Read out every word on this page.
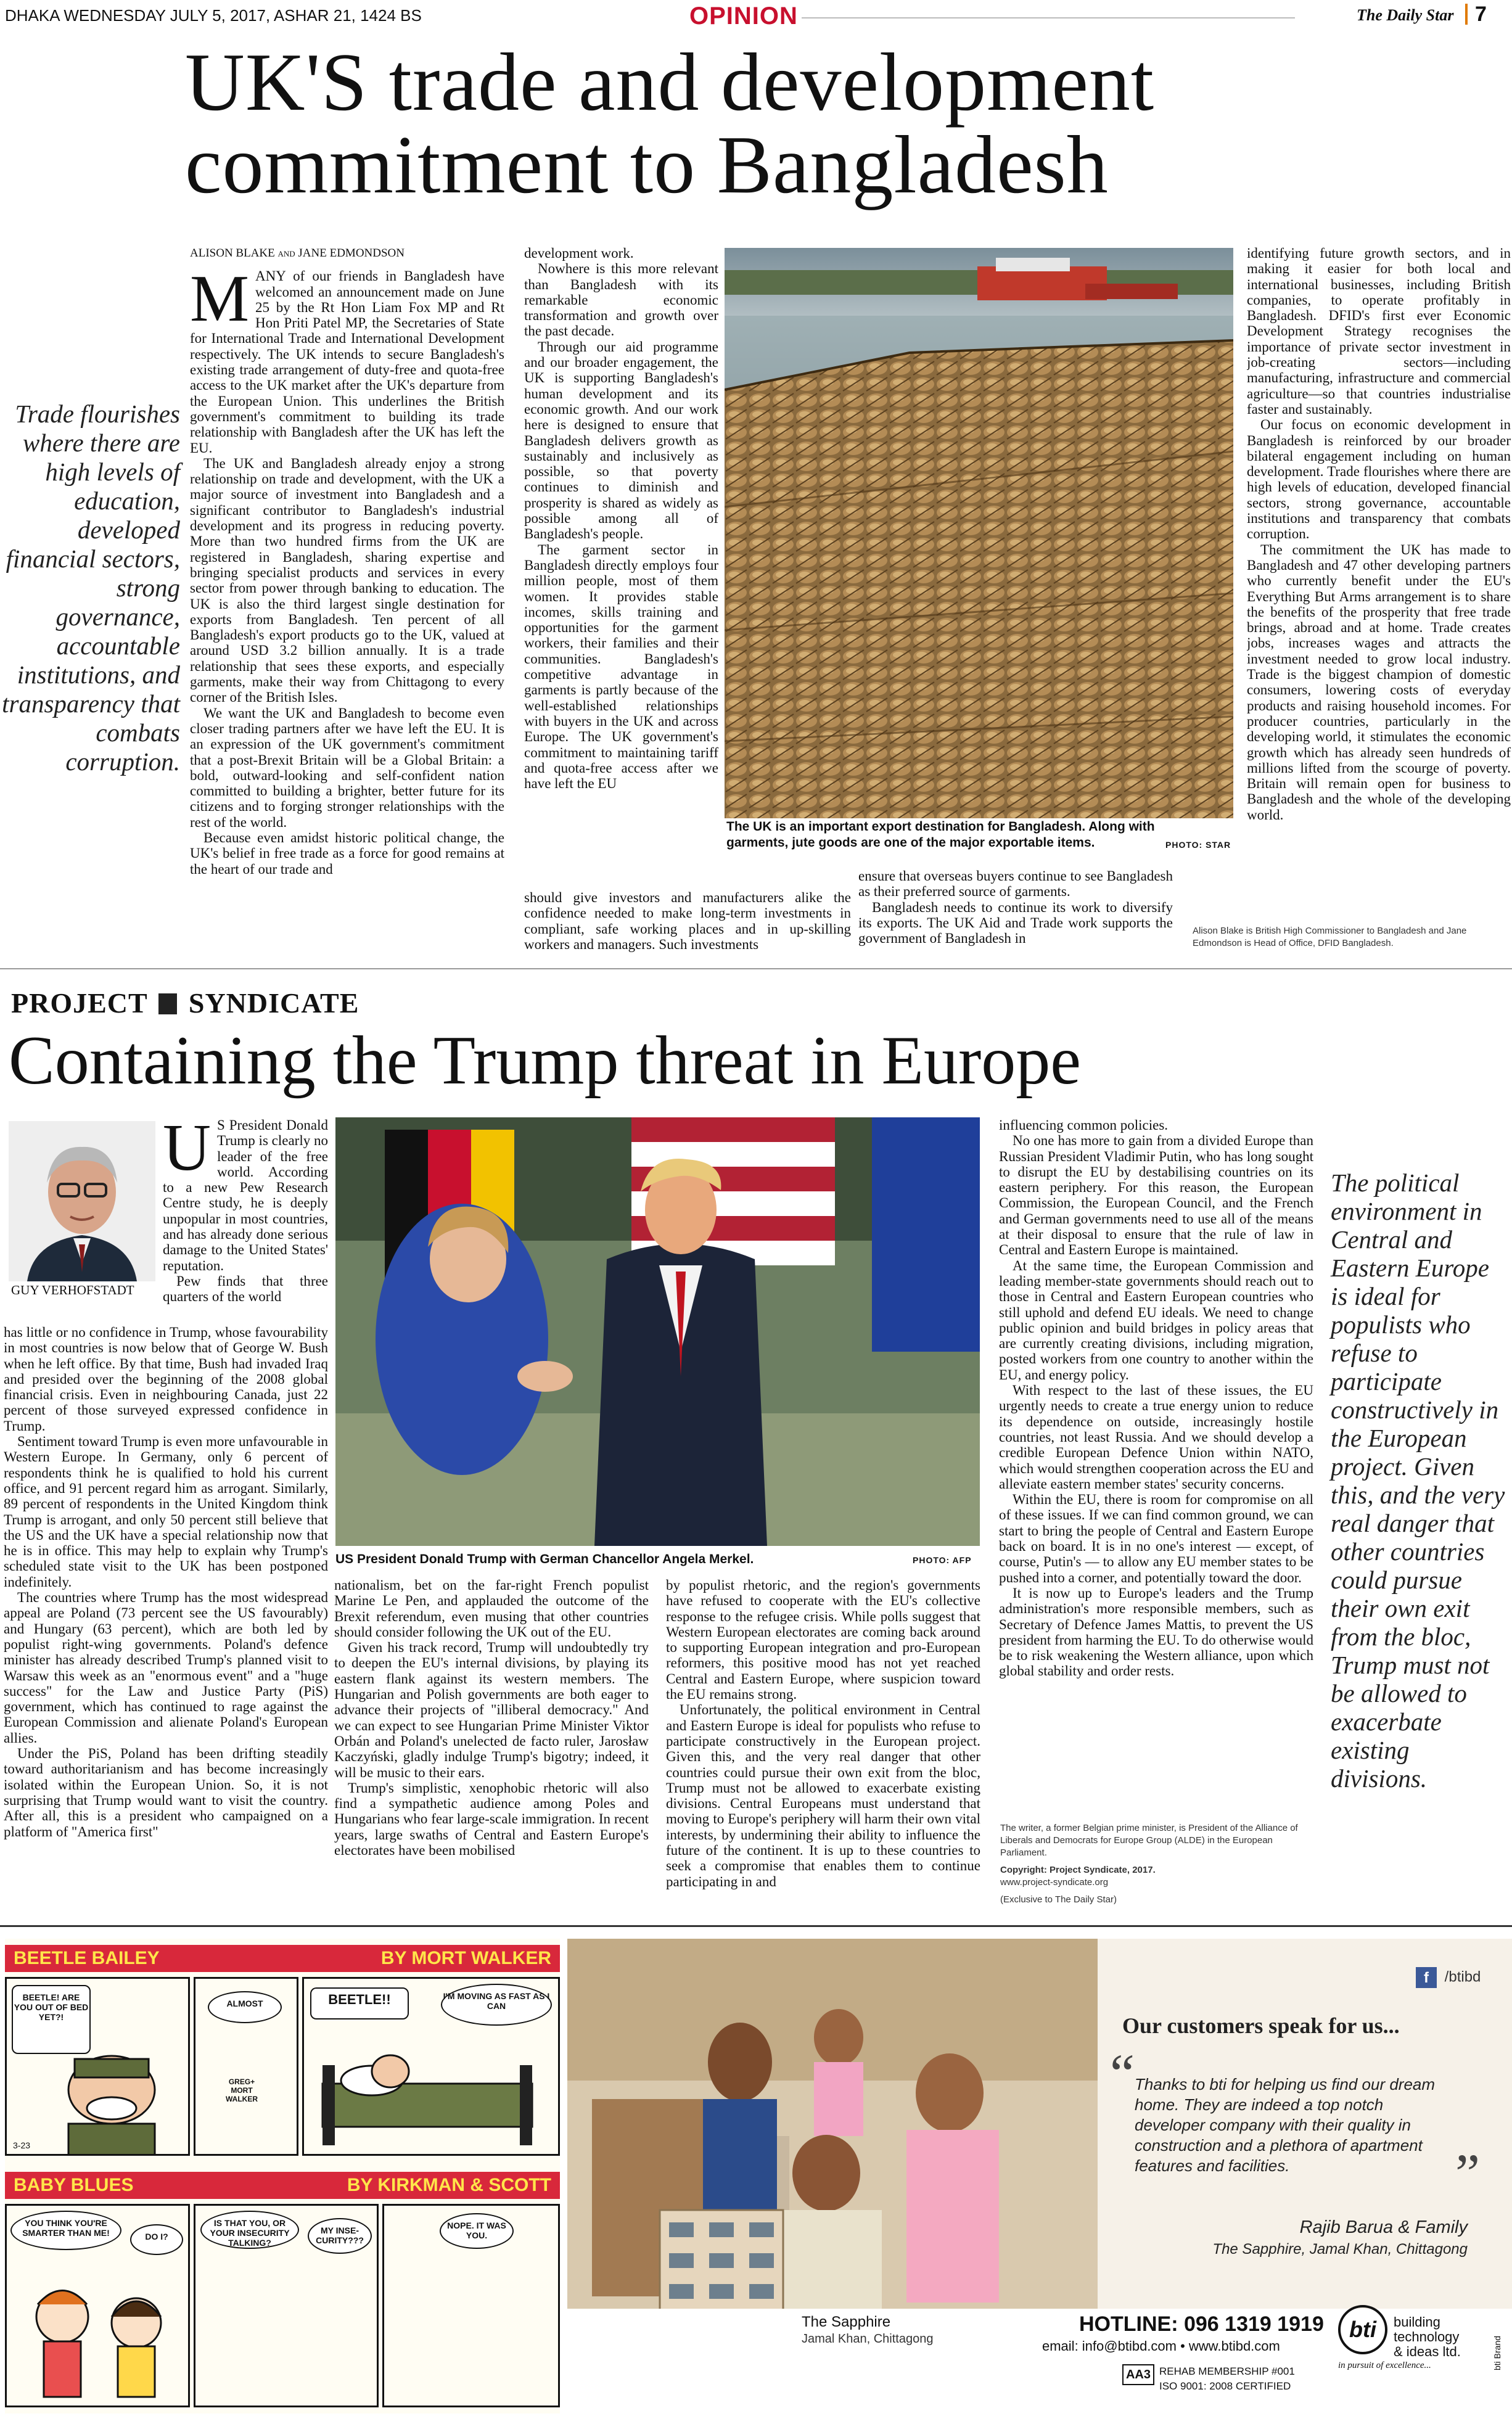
DHAKA WEDNESDAY JULY 5, 2017, ASHAR 21, 1424 BS	OPINION	The Daily Star 7
UK'S trade and development
commitment to Bangladesh
Trade flourishes where there are high levels of education, developed financial sectors, strong governance, accountable institutions, and transparency that combats corruption.
ALISON BLAKE and JANE EDMONDSON
M ANY of our friends in Bangladesh have welcomed an announcement made on June 25 by the Rt Hon Liam Fox MP and Rt Hon Priti Patel MP, the Secretaries of State for International Trade and International Development respectively. The UK intends to secure Bangladesh's existing trade arrangement of duty-free and quota-free access to the UK market after the UK's departure from the European Union. This underlines the British government's commitment to building its trade relationship with Bangladesh after the UK has left the EU.

The UK and Bangladesh already enjoy a strong relationship on trade and development, with the UK a major source of investment into Bangladesh and a significant contributor to Bangladesh's industrial development and its progress in reducing poverty. More than two hundred firms from the UK are registered in Bangladesh, sharing expertise and bringing specialist products and services in every sector from power through banking to education. The UK is also the third largest single destination for exports from Bangladesh. Ten percent of all Bangladesh's export products go to the UK, valued at around USD 3.2 billion annually. It is a trade relationship that sees these exports, and especially garments, make their way from Chittagong to every corner of the British Isles.

We want the UK and Bangladesh to become even closer trading partners after we have left the EU. It is an expression of the UK government's commitment that a post-Brexit Britain will be a Global Britain: a bold, outward-looking and self-confident nation committed to building a brighter, better future for its citizens and to forging stronger relationships with the rest of the world.

Because even amidst historic political change, the UK's belief in free trade as a force for good remains at the heart of our trade and

development work.

Nowhere is this more relevant than Bangladesh with its remarkable economic transformation and growth over the past decade.

Through our aid programme and our broader engagement, the UK is supporting Bangladesh's human development and its economic growth. And our work here is designed to ensure that Bangladesh delivers growth as sustainably and inclusively as possible, so that poverty continues to diminish and prosperity is shared as widely as possible among all of Bangladesh's people.

The garment sector in Bangladesh directly employs four million people, most of them women. It provides stable incomes, skills training and opportunities for the garment workers, their families and their communities. Bangladesh's competitive advantage in garments is partly because of the well-established relationships with buyers in the UK and across Europe. The UK government's commitment to maintaining tariff and quota-free access after we have left the EU

should give investors and manufacturers alike the confidence needed to make long-term investments in compliant, safe working places and in up-skilling workers and managers. Such investments

The UK is an important export destination for Bangladesh. Along with garments, jute goods are one of the major exportable items.	PHOTO: STAR

ensure that overseas buyers continue to see Bangladesh as their preferred source of garments.

Bangladesh needs to continue its work to diversify its exports. The UK Aid and Trade work supports the government of Bangladesh in

identifying future growth sectors, and in making it easier for both local and international businesses, including British companies, to operate profitably in Bangladesh. DFID's first ever Economic Development Strategy recognises the importance of private sector investment in job-creating sectors—including manufacturing, infrastructure and commercial agriculture—so that countries industrialise faster and sustainably.

Our focus on economic development in Bangladesh is reinforced by our broader bilateral engagement including on human development. Trade flourishes where there are high levels of education, developed financial sectors, strong governance, accountable institutions and transparency that combats corruption.

The commitment the UK has made to Bangladesh and 47 other developing partners who currently benefit under the EU's Everything But Arms arrangement is to share the benefits of the prosperity that free trade brings, abroad and at home. Trade creates jobs, increases wages and attracts the investment needed to grow local industry. Trade is the biggest champion of domestic consumers, lowering costs of everyday products and raising household incomes. For producer countries, particularly in the developing world, it stimulates the economic growth which has already seen hundreds of millions lifted from the scourge of poverty. Britain will remain open for business to Bangladesh and the whole of the developing world.

Alison Blake is British High Commissioner to Bangladesh and Jane Edmondson is Head of Office, DFID Bangladesh.
PROJECT SYNDICATE
Containing the Trump threat in Europe
GUY VERHOFSTADT
U S President Donald Trump is clearly no leader of the free world. According to a new Pew Research Centre study, he is deeply unpopular in most countries, and has already done serious damage to the United States' reputation.

Pew finds that three quarters of the world

has little or no confidence in Trump, whose favourability in most countries is now below that of George W. Bush when he left office. By that time, Bush had invaded Iraq and presided over the beginning of the 2008 global financial crisis. Even in neighbouring Canada, just 22 percent of those surveyed expressed confidence in Trump.

Sentiment toward Trump is even more unfavourable in Western Europe. In Germany, only 6 percent of respondents think he is qualified to hold his current office, and 91 percent regard him as arrogant. Similarly, 89 percent of respondents in the United Kingdom think Trump is arrogant, and only 50 percent still believe that the US and the UK have a special relationship now that he is in office. This may help to explain why Trump's scheduled state visit to the UK has been postponed indefinitely.

The countries where Trump has the most widespread appeal are Poland (73 percent see the US favourably) and Hungary (63 percent), which are both led by populist right-wing governments. Poland's defence minister has already described Trump's planned visit to Warsaw this week as an "enormous event" and a "huge success" for the Law and Justice Party (PiS) government, which has continued to rage against the European Commission and alienate Poland's European allies.

Under the PiS, Poland has been drifting steadily toward authoritarianism and has become increasingly isolated within the European Union. So, it is not surprising that Trump would want to visit the country. After all, this is a president who campaigned on a platform of "America first"

US President Donald Trump with German Chancellor Angela Merkel.	PHOTO: AFP

nationalism, bet on the far-right French populist Marine Le Pen, and applauded the outcome of the Brexit referendum, even musing that other countries should consider following the UK out of the EU.

Given his track record, Trump will undoubtedly try to deepen the EU's internal divisions, by playing its eastern flank against its western members. The Hungarian and Polish governments are both eager to advance their projects of "illiberal democracy." And we can expect to see Hungarian Prime Minister Viktor Orbán and Poland's unelected de facto ruler, Jarosław Kaczyński, gladly indulge Trump's bigotry; indeed, it will be music to their ears.

Trump's simplistic, xenophobic rhetoric will also find a sympathetic audience among Poles and Hungarians who fear large-scale immigration. In recent years, large swaths of Central and Eastern Europe's electorates have been mobilised

by populist rhetoric, and the region's governments have refused to cooperate with the EU's collective response to the refugee crisis. While polls suggest that Western European electorates are coming back around to supporting European integration and pro-European reformers, this positive mood has not yet reached Central and Eastern Europe, where suspicion toward the EU remains strong.

Unfortunately, the political environment in Central and Eastern Europe is ideal for populists who refuse to participate constructively in the European project. Given this, and the very real danger that other countries could pursue their own exit from the bloc, Trump must not be allowed to exacerbate existing divisions. Central Europeans must understand that moving to Europe's periphery will harm their own vital interests, by undermining their ability to influence the future of the continent. It is up to these countries to seek a compromise that enables them to continue participating in and

influencing common policies.

No one has more to gain from a divided Europe than Russian President Vladimir Putin, who has long sought to disrupt the EU by destabilising countries on its eastern periphery. For this reason, the European Commission, the European Council, and the French and German governments need to use all of the means at their disposal to ensure that the rule of law in Central and Eastern Europe is maintained.

At the same time, the European Commission and leading member-state governments should reach out to those in Central and Eastern European countries who still uphold and defend EU ideals. We need to change public opinion and build bridges in policy areas that are currently creating divisions, including migration, posted workers from one country to another within the EU, and energy policy.

With respect to the last of these issues, the EU urgently needs to create a true energy union to reduce its dependence on outside, increasingly hostile countries, not least Russia. And we should develop a credible European Defence Union within NATO, which would strengthen cooperation across the EU and alleviate eastern member states' security concerns.

Within the EU, there is room for compromise on all of these issues. If we can find common ground, we can start to bring the people of Central and Eastern Europe back on board. It is in no one's interest — except, of course, Putin's — to allow any EU member states to be pushed into a corner, and potentially toward the door.

It is now up to Europe's leaders and the Trump administration's more responsible members, such as Secretary of Defence James Mattis, to prevent the US president from harming the EU. To do otherwise would be to risk weakening the Western alliance, upon which global stability and order rests.

The writer, a former Belgian prime minister, is President of the Alliance of Liberals and Democrats for Europe Group (ALDE) in the European Parliament.
Copyright: Project Syndicate, 2017.
www.project-syndicate.org
(Exclusive to The Daily Star)
The political environment in Central and Eastern Europe is ideal for populists who refuse to participate constructively in the European project. Given this, and the very real danger that other countries could pursue their own exit from the bloc, Trump must not be allowed to exacerbate existing divisions.
BEETLE BAILEY	BY MORT WALKER
BEETLE! ARE YOU OUT OF BED YET?!
3-23
ALMOST
GREG+ MORT WALKER
BEETLE!!	I'M MOVING AS FAST AS I CAN
BABY BLUES	BY KIRKMAN & SCOTT
YOU THINK YOU'RE SMARTER THAN ME!	DO I?
IS THAT YOU, OR YOUR INSECURITY TALKING?
MY INSE- CURITY???
NOPE. IT WAS YOU.
f /btibd
Our customers speak for us...
“ Thanks to bti for helping us find our dream home. They are indeed a top notch developer company with their quality in construction and a plethora of apartment features and facilities.	”
Rajib Barua & Family
The Sapphire, Jamal Khan, Chittagong
The Sapphire
Jamal Khan, Chittagong
HOTLINE: 096 1319 1919
email: info@btibd.com • www.btibd.com
bti	building
technology
& ideas ltd.
in pursuit of excellence...
AA3 REHAB MEMBERSHIP #001
ISO 9001: 2008 CERTIFIED
bti Brand
